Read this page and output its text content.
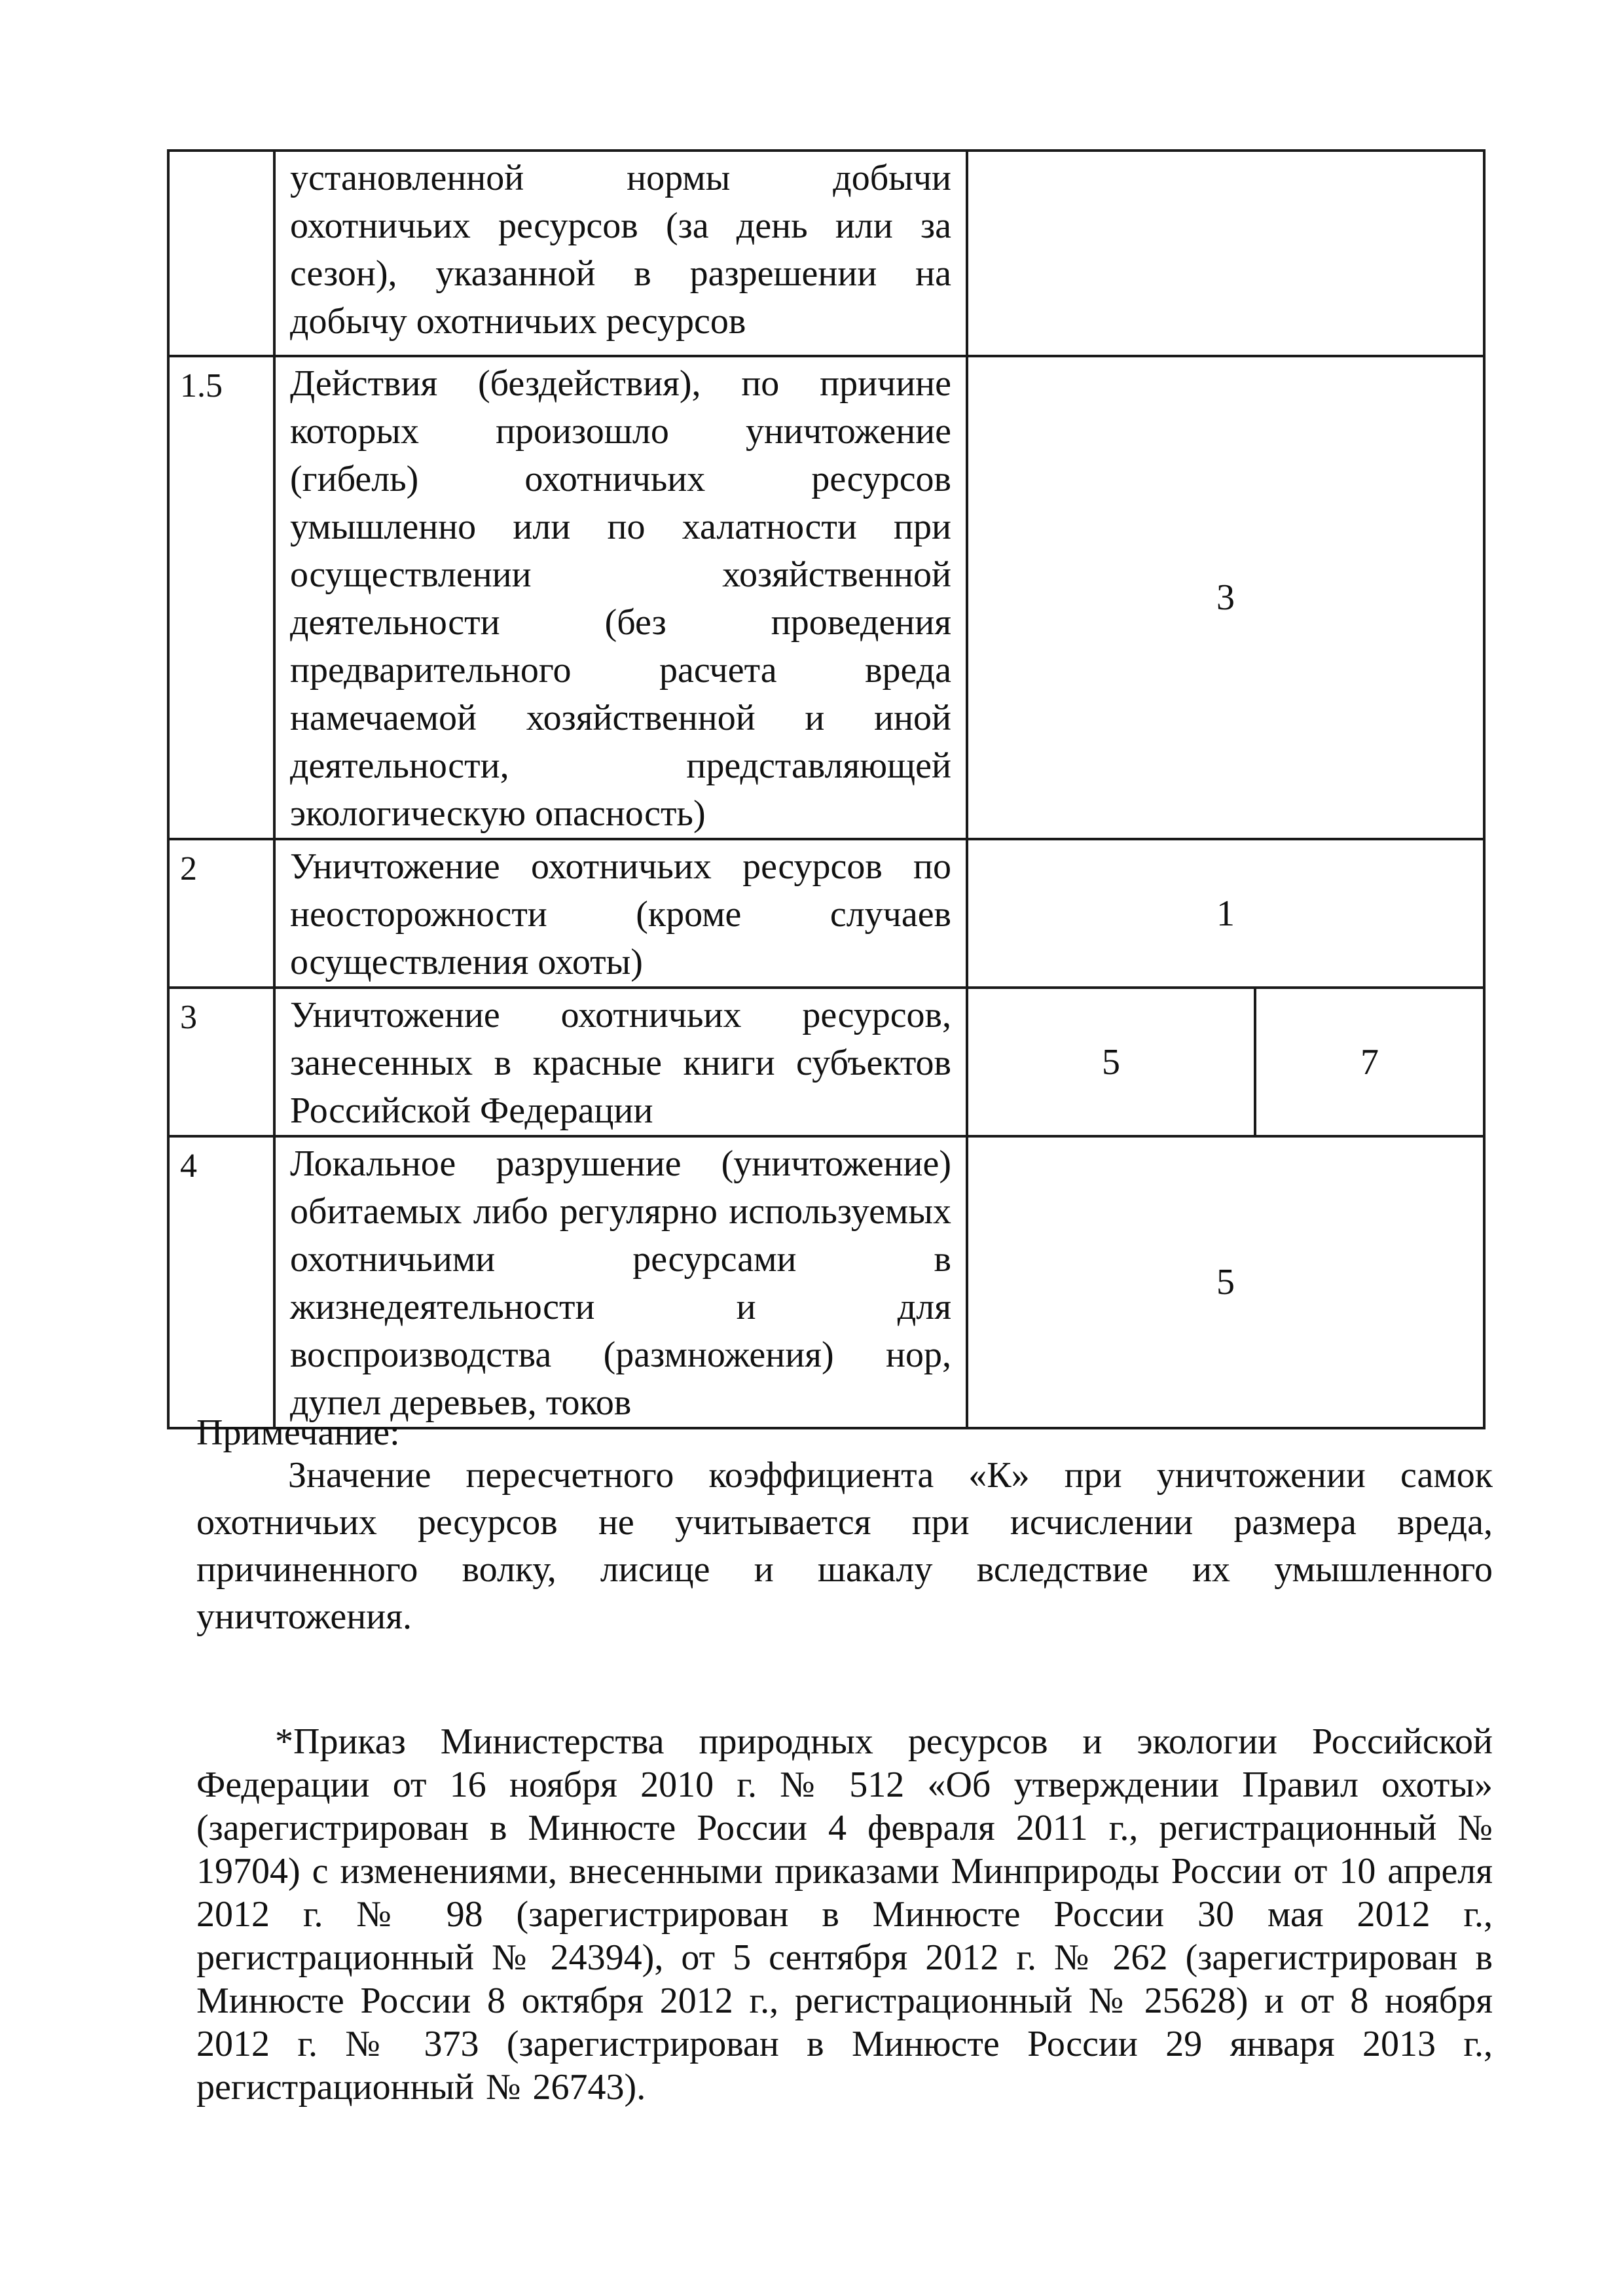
	установленной нормы добычи охотничьих ресурсов (за день или за сезон), указанной в разрешении на добычу охотничьих ресурсов		
1.5	Действия (бездействия), по причине которых произошло уничтожение (гибель) охотничьих ресурсов умышленно или по халатности при осуществлении хозяйственной деятельности (без проведения предварительного расчета вреда намечаемой хозяйственной и иной деятельности, представляющей экологическую опасность)	3	
2	Уничтожение охотничьих ресурсов по неосторожности (кроме случаев осуществления охоты)	1	
3	Уничтожение охотничьих ресурсов, занесенных в красные книги субъектов Российской Федерации	5	7
4	Локальное разрушение (уничтожение) обитаемых либо регулярно используемых охотничьими ресурсами в жизнедеятельности и для воспроизводства (размножения) нор, дупел деревьев, токов	5	
Примечание:
Значение пересчетного коэффициента «К» при уничтожении самок охотничьих ресурсов не учитывается при исчислении размера вреда, причиненного волку, лисице и шакалу вследствие их умышленного уничтожения.
*Приказ Министерства природных ресурсов и экологии Российской Федерации от 16 ноября 2010 г. № 512 «Об утверждении Правил охоты» (зарегистрирован в Минюсте России 4 февраля 2011 г., регистрационный № 19704) с изменениями, внесенными приказами Минприроды России от 10 апреля 2012 г. № 98 (зарегистрирован в Минюсте России 30 мая 2012 г., регистрационный № 24394), от 5 сентября 2012 г. № 262 (зарегистрирован в Минюсте России 8 октября 2012 г., регистрационный № 25628) и от 8 ноября 2012 г. № 373 (зарегистрирован в Минюсте России 29 января 2013 г., регистрационный № 26743).
